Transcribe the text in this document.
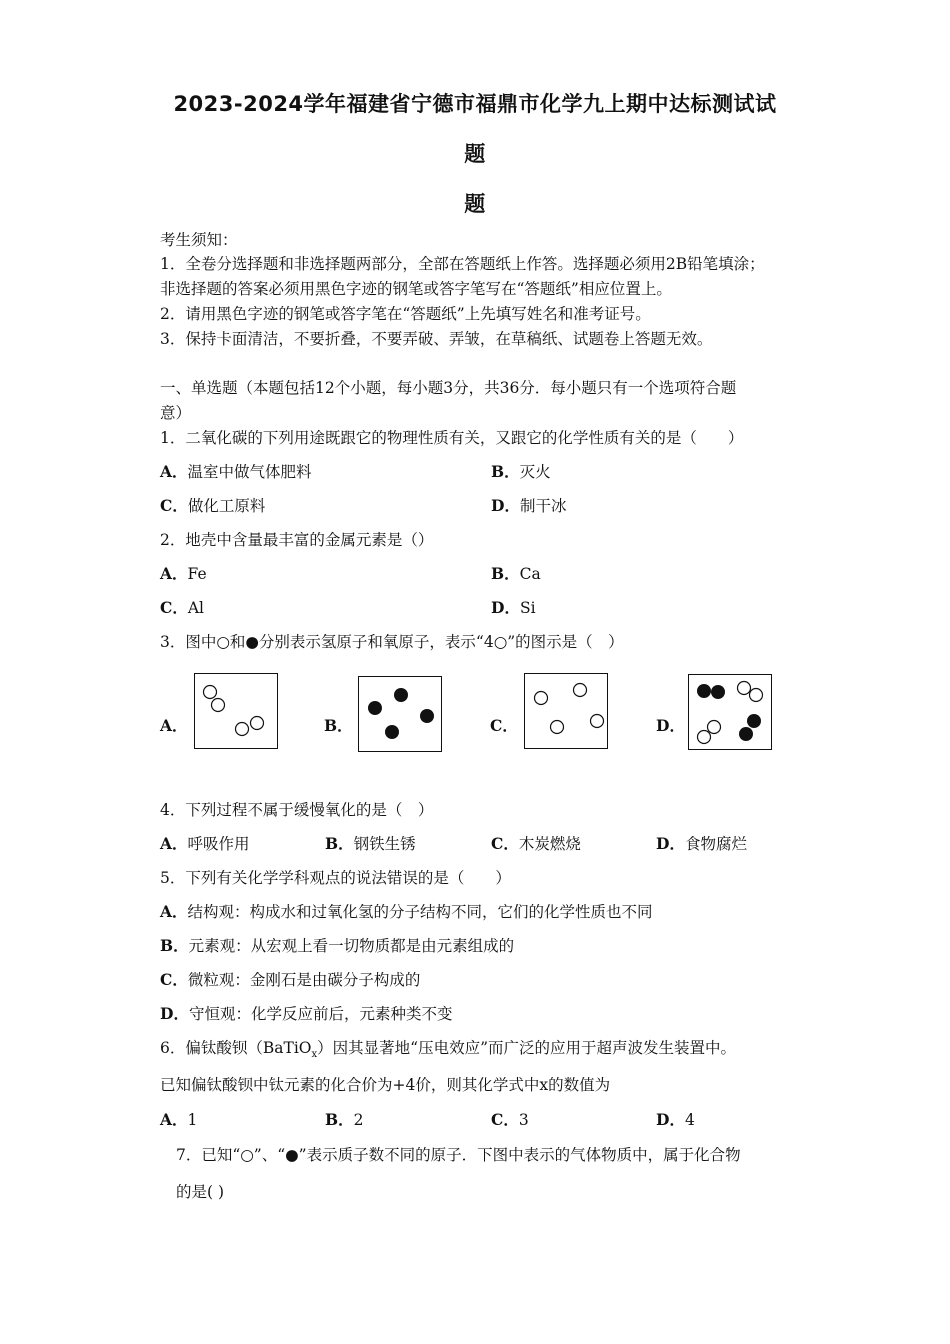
2023-2024学年福建省宁德市福鼎市化学九上期中达标测试试
题
题
考生须知：
1．全卷分选择题和非选择题两部分，全部在答题纸上作答。选择题必须用2B铅笔填涂；
非选择题的答案必须用黑色字迹的钢笔或答字笔写在“答题纸”相应位置上。
2．请用黑色字迹的钢笔或答字笔在“答题纸”上先填写姓名和准考证号。
3．保持卡面清洁，不要折叠，不要弄破、弄皱，在草稿纸、试题卷上答题无效。
一、单选题（本题包括12个小题，每小题3分，共36分．每小题只有一个选项符合题
意）
1．二氧化碳的下列用途既跟它的物理性质有关，又跟它的化学性质有关的是（　　）
A．温室中做气体肥料	B．灭火
C．做化工原料	D．制干冰
2．地壳中含量最丰富的金属元素是（）
A．Fe	B．Ca
C．Al	D．Si
3．图中○和●分别表示氢原子和氧原子，表示“4○”的图示是（　）
A．	B．	C．	D．
4．下列过程不属于缓慢氧化的是（　）
A．呼吸作用	B．钢铁生锈	C．木炭燃烧	D．食物腐烂
5．下列有关化学学科观点的说法错误的是（　　）
A．结构观：构成水和过氧化氢的分子结构不同，它们的化学性质也不同
B．元素观：从宏观上看一切物质都是由元素组成的
C．微粒观：金刚石是由碳分子构成的
D．守恒观：化学反应前后，元素种类不变
6．偏钛酸钡（BaTiO$_x$）因其显著地“压电效应”而广泛的应用于超声波发生装置中。
已知偏钛酸钡中钛元素的化合价为+4价，则其化学式中x的数值为
A．1	B．2	C．3	D．4
7．已知“○”、“●”表示质子数不同的原子．下图中表示的气体物质中，属于化合物
的是( )
